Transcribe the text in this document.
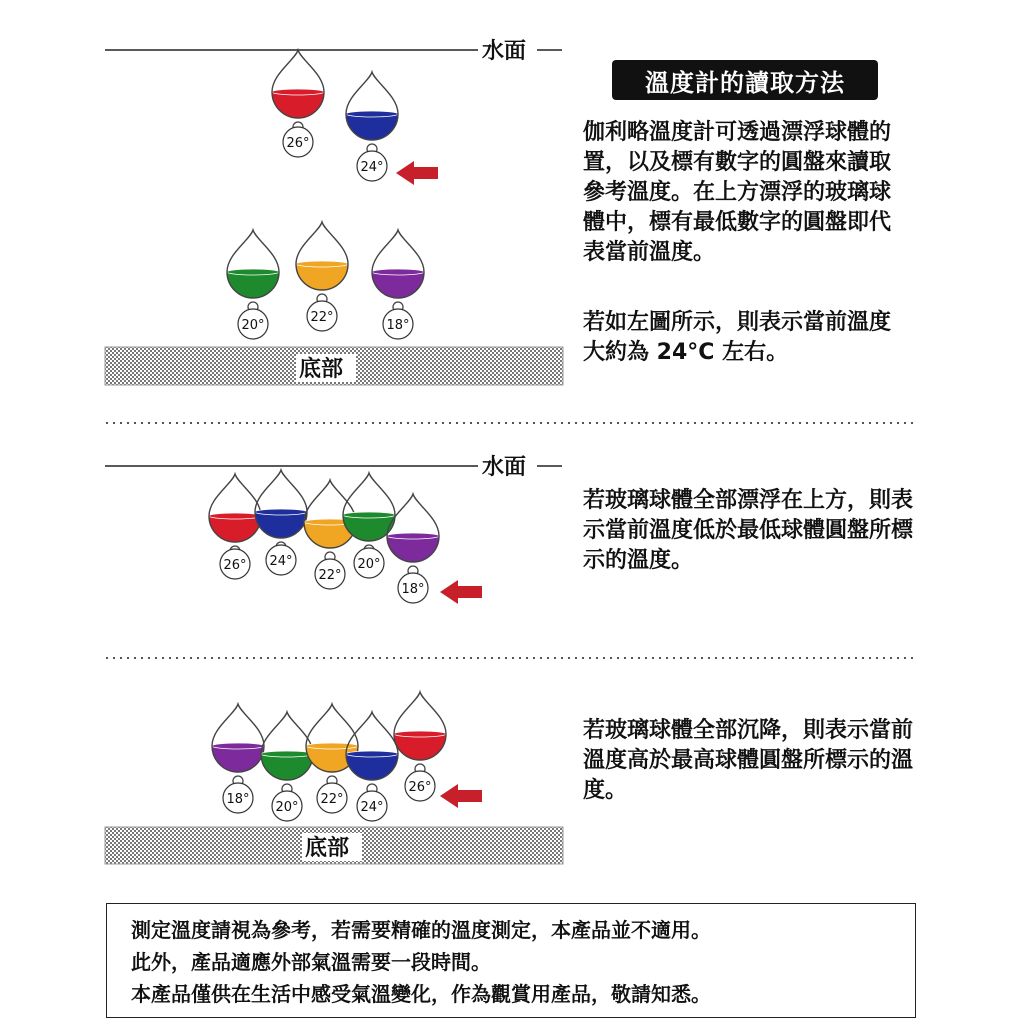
水面
26°
24°
20°
22°
18°
底部
水面
26° 24°
22°
20°
18°
18°
20°
22°
24°
26°
底部
溫度計的讀取方法

伽利略溫度計可透過漂浮球體的置，以及標有數字的圓盤來讀取參考溫度。在上方漂浮的玻璃球體中，標有最低數字的圓盤即代表當前溫度。

若如左圖所示，則表示當前溫度大約為 24°C 左右。

若玻璃球體全部漂浮在上方，則表示當前溫度低於最低球體圓盤所標示的溫度。

若玻璃球體全部沉降，則表示當前溫度高於最高球體圓盤所標示的溫度。

測定溫度請視為參考，若需要精確的溫度測定，本產品並不適用。
此外，產品適應外部氣溫需要一段時間。
本產品僅供在生活中感受氣溫變化，作為觀賞用產品，敬請知悉。
